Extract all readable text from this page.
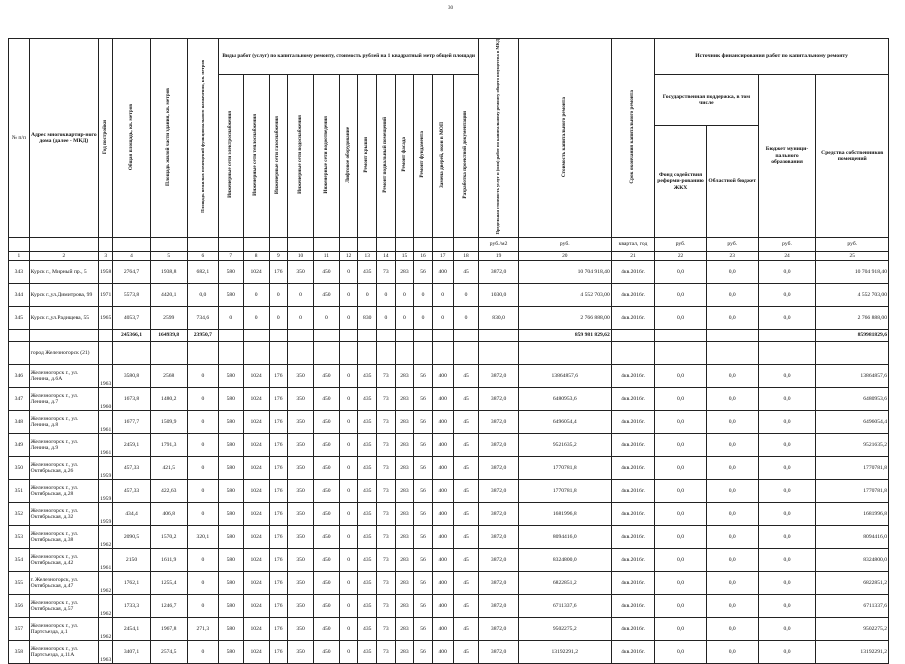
30
№ п/п	Адрес многоквартир-ного дома (далее - МКД)	Год постройки	Общая площадь, кв. метров	Площадь жилой части здания, кв. метров	Площадь нежилых помещений функционального назначения, кв. метров	Виды работ (услуг) по капитальному ремонту, стоимость рублей на 1 квадратный метр общей площади												Предельная стоимость услуг и (или) работ по капитальному ремонту общего имущества в МКД	Стоимость капитального ремонта	Срок окончания капитального ремонта	Источник финансирования работ по капитальному ремонту			
						Инженерные сети электроснабжения	Инженерные сети теплоснабжения	Инженерные сети газоснабжения	Инженерные сети водоснабжения	Инженерные сети водоотведения	Лифтовое оборудование	Ремонт крыши	Ремонт подвальный помещений	Ремонт фасада	Ремонт фундамента	Замена дверей, окон в МОП	Разработка проектной документации				Государственная поддержка, в том числе		Бюджет муници-пального образования	Средства собственников помещений
																					Фонд содействия реформи-рованию ЖКХ	Областной бюджет		
																		руб./м2	руб.	квартал, год	руб.	руб.	руб.	руб.
1	2	3	4	5	6	7	8	9	10	11	12	13	14	15	16	17	18	19	20	21	22	23	24	25
343	Курск г., Мирный пр., 5	1958	2764,7	1938,8	682,1	580	1024	176	350	450	0	435	73	283	56	400	45	3872,0	10 704 918,40	4кв.2016г.	0,0	0,0	0,0	10 704 918,40
344	Курск г.,ул.Димитрова, 99	1971	5573,8	4420,1	0,0	580	0	0	0	450	0	0	0	0	0	0	0	1030,0	4 552 703,00	4кв.2016г.	0,0	0,0	0,0	4 552 703,00
345	Курск г.,ул.Радищева, 55	1965	4053,7	2599	734,6	0	0	0	0	0	0	830	0	0	0	0	0	830,0	2 766 888,00	4кв.2016г.	0,0	0,0	0,0	2 766 888,00
			245366,1	164939,8	23950,7														859 981 829,62					859981829,6
	город Железногорск (21)																							
346	Железногорск г., ул. Ленина, д.6А	1963	3580,8	2568	0	580	1024	176	350	450	0	435	73	283	56	400	45	3872,0	13864857,6	4кв.2016г.	0,0	0,0	0,0	13864857,6
347	Железногорск г., ул. Ленина, д.7	1960	1673,8	1480,2	0	580	1024	176	350	450	0	435	73	283	56	400	45	3872,0	6480953,6	4кв.2016г.	0,0	0,0	0,0	6480953,6
348	Железногорск г., ул. Ленина, д.8	1961	1677,7	1509,9	0	580	1024	176	350	450	0	435	73	283	56	400	45	3872,0	6496054,4	4кв.2016г.	0,0	0,0	0,0	6496054,4
349	Железногорск г., ул. Ленина, д.9	1961	2459,1	1791,3	0	580	1024	176	350	450	0	435	73	283	56	400	45	3872,0	9521635,2	4кв.2016г.	0,0	0,0	0,0	9521635,2
350	Железногорск г., ул. Октябрьская, д.26	1959	457,33	421,5	0	580	1024	176	350	450	0	435	73	283	56	400	45	3872,0	1770781,8	4кв.2016г.	0,0	0,0	0,0	1770781,8
351	Железногорск г., ул. Октябрьская, д.28	1959	457,33	422,63	0	580	1024	176	350	450	0	435	73	283	56	400	45	3872,0	1770781,8	4кв.2016г.	0,0	0,0	0,0	1770781,8
352	Железногорск г., ул. Октябрьская, д.32	1959	434,4	406,8	0	580	1024	176	350	450	0	435	73	283	56	400	45	3872,0	1681996,8	4кв.2016г.	0,0	0,0	0,0	1681996,8
353	Железногорск г., ул. Октябрьская, д.38	1962	2090,5	1570,2	320,1	580	1024	176	350	450	0	435	73	283	56	400	45	3872,0	8094416,0	4кв.2016г.	0,0	0,0	0,0	8094416,0
354	Железногорск г., ул. Октябрьская, д.42	1961	2150	1611,9	0	580	1024	176	350	450	0	435	73	283	56	400	45	3872,0	8324800,0	4кв.2016г.	0,0	0,0	0,0	8324800,0
355	г. Железногорск, ул. Октябрьская, д.47	1962	1762,1	1255,4	0	580	1024	176	350	450	0	435	73	283	56	400	45	3872,0	6822851,2	4кв.2016г.	0,0	0,0	0,0	6822851,2
356	Железногорск г., ул. Октябрьская, д.57	1962	1733,3	1246,7	0	580	1024	176	350	450	0	435	73	283	56	400	45	3872,0	6711337,6	4кв.2016г.	0,0	0,0	0,0	6711337,6
357	Железногорск г., ул. Партсъезда, д.1	1962	2454,1	1967,8	271,3	580	1024	176	350	450	0	435	73	283	56	400	45	3872,0	9502275,2	4кв.2016г.	0,0	0,0	0,0	9502275,2
358	Железногорск г., ул. Партсъезда, д.11А	1963	3407,1	2574,5	0	580	1024	176	350	450	0	435	73	283	56	400	45	3872,0	13192291,2	4кв.2016г.	0,0	0,0	0,0	13192291,2
